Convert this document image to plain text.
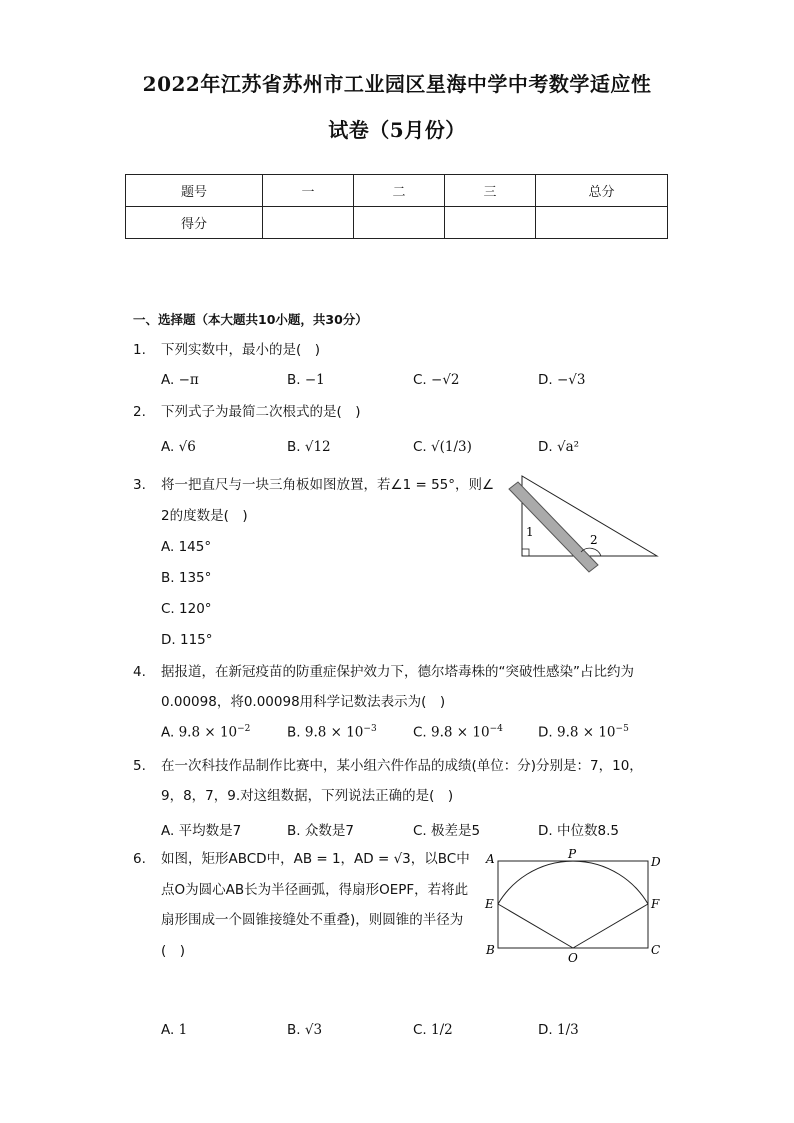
2022年江苏省苏州市工业园区星海中学中考数学适应性
试卷（5月份）
题号	一	二	三	总分
得分				
一、选择题（本大题共10小题，共30分）
1. 下列实数中，最小的是(　)
A. −π	B. −1	C. −√2	D. −√3
2. 下列式子为最简二次根式的是(　)
A. √6	B. √12	C. √(1/3)	D. √a²
3. 将一把直尺与一块三角板如图放置，若∠1 = 55°，则∠
2的度数是(　)
A. 145°
B. 135°
C. 120°
D. 115°
1
2
4. 据报道，在新冠疫苗的防重症保护效力下，德尔塔毒株的“突破性感染”占比约为
0.00098，将0.00098用科学记数法表示为(　)
A. $9.8 \times 10^{-2}$	B. $9.8 \times 10^{-3}$	C. $9.8 \times 10^{-4}$	D. $9.8 \times 10^{-5}$
5. 在一次科技作品制作比赛中，某小组六件作品的成绩(单位：分)分别是：7，10，
9，8，7，9.对这组数据，下列说法正确的是(　)
A. 平均数是7	B. 众数是7	C. 极差是5	D. 中位数8.5
6. 如图，矩形ABCD中，AB = 1，AD = √3，以BC中
点O为圆心AB长为半径画弧，得扇形OEPF，若将此
扇形围成一个圆锥接缝处不重叠)，则圆锥的半径为
(　)
A	P
D
E	F
B
O
C
A. 1	B. √3	C. 1/2	D. 1/3
